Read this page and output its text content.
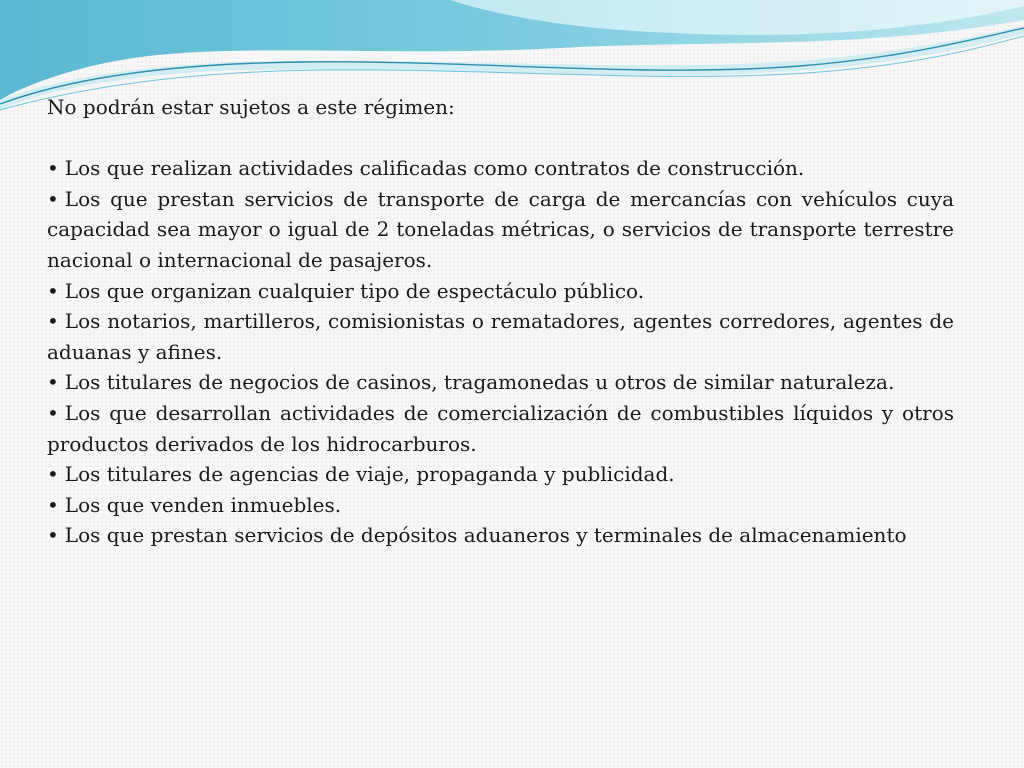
No podrán estar sujetos a este régimen:

• Los que realizan actividades calificadas como contratos de construcción.

• Los que prestan servicios de transporte de carga de mercancías con vehículos cuya capacidad sea mayor o igual de 2 toneladas métricas, o servicios de transporte terrestre nacional o internacional de pasajeros.

• Los que organizan cualquier tipo de espectáculo público.

• Los notarios, martilleros, comisionistas o rematadores, agentes corredores, agentes de aduanas y afines.

• Los titulares de negocios de casinos, tragamonedas u otros de similar naturaleza.

• Los que desarrollan actividades de comercialización de combustibles líquidos y otros productos derivados de los hidrocarburos.

• Los titulares de agencias de viaje, propaganda y publicidad.

• Los que venden inmuebles.

• Los que prestan servicios de depósitos aduaneros y terminales de almacenamiento
